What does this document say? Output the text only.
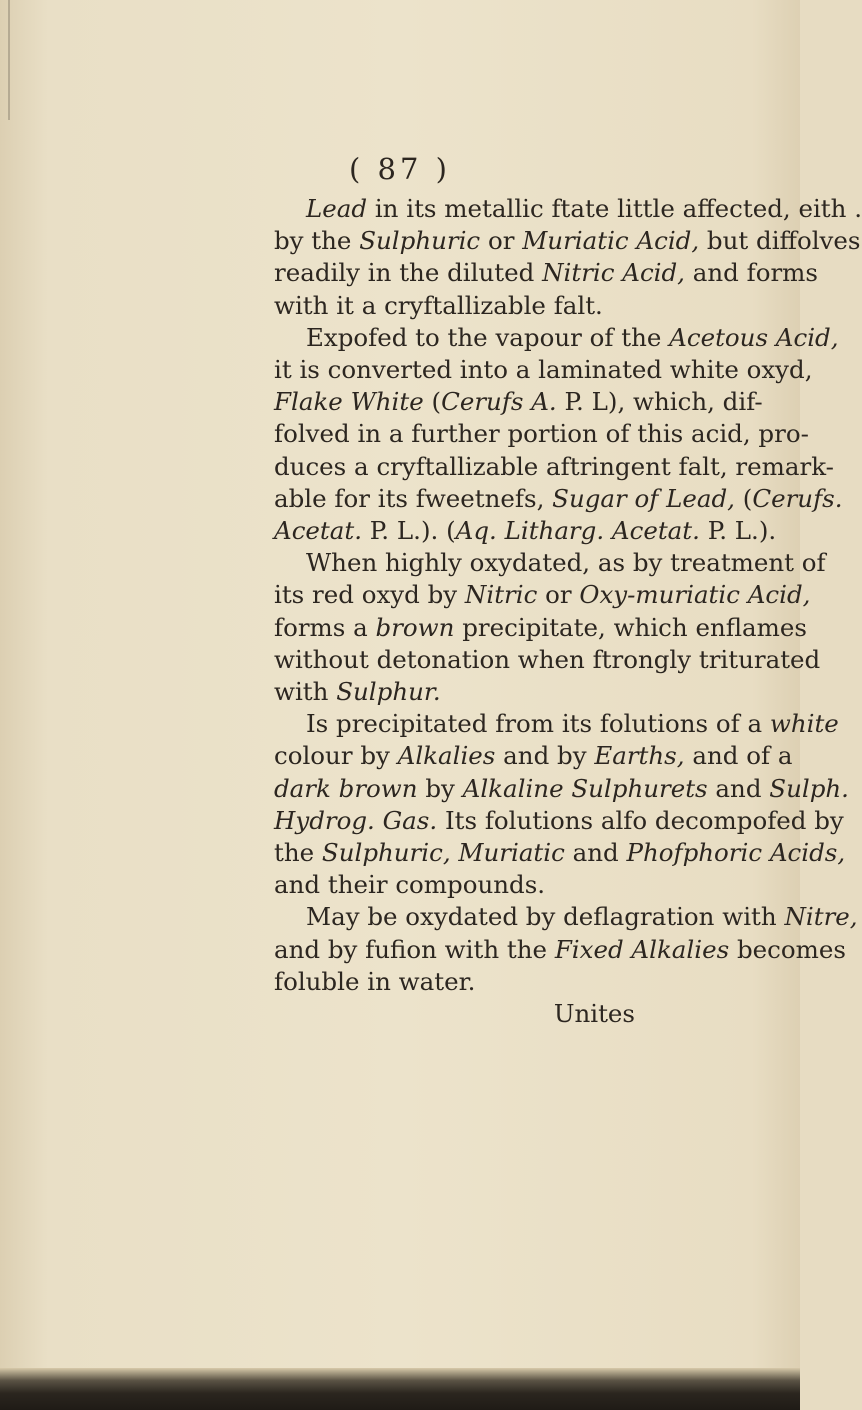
( 87 )
Lead in its metallic ftate little affected, eith .
by the Sulphuric or Muriatic Acid, but diffolves
readily in the diluted Nitric Acid, and forms
with it a cryftallizable falt.
Expofed to the vapour of the Acetous Acid,
it is converted into a laminated white oxyd,
Flake White (Cerufs A. P. L), which, dif-
folved in a further portion of this acid, pro-
duces a cryftallizable aftringent falt, remark-
able for its fweetnefs, Sugar of Lead, (Cerufs.
Acetat. P. L.). (Aq. Litharg. Acetat. P. L.).
When highly oxydated, as by treatment of
its red oxyd by Nitric or Oxy-muriatic Acid,
forms a brown precipitate, which enflames
without detonation when ftrongly triturated
with Sulphur.
Is precipitated from its folutions of a white
colour by Alkalies and by Earths, and of a
dark brown by Alkaline Sulphurets and Sulph.
Hydrog. Gas. Its folutions alfo decompofed by
the Sulphuric, Muriatic and Phofphoric Acids,
and their compounds.
May be oxydated by deflagration with Nitre,
and by fufion with the Fixed Alkalies becomes
foluble in water.
Unites
